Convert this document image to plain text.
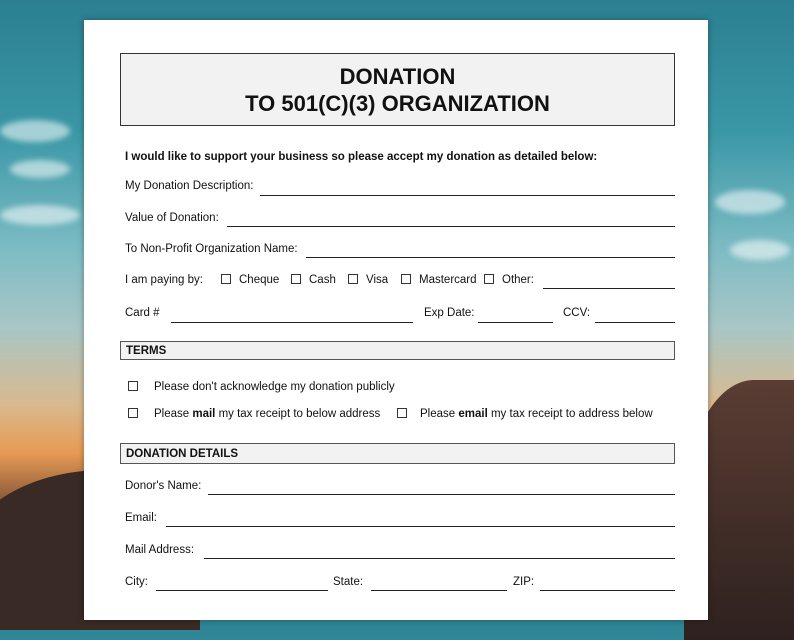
DONATION
TO 501(C)(3) ORGANIZATION
I would like to support your business so please accept my donation as detailed below:
My Donation Description:
Value of Donation:
To Non-Profit Organization Name:
I am paying by:	Cheque	Cash	Visa	Mastercard	Other:
Card #	Exp Date:	CCV:
TERMS
Please don't acknowledge my donation publicly
Please mail my tax receipt to below address	Please email my tax receipt to address below
DONATION DETAILS
Donor's Name:
Email:
Mail Address:
City:	State:	ZIP:
